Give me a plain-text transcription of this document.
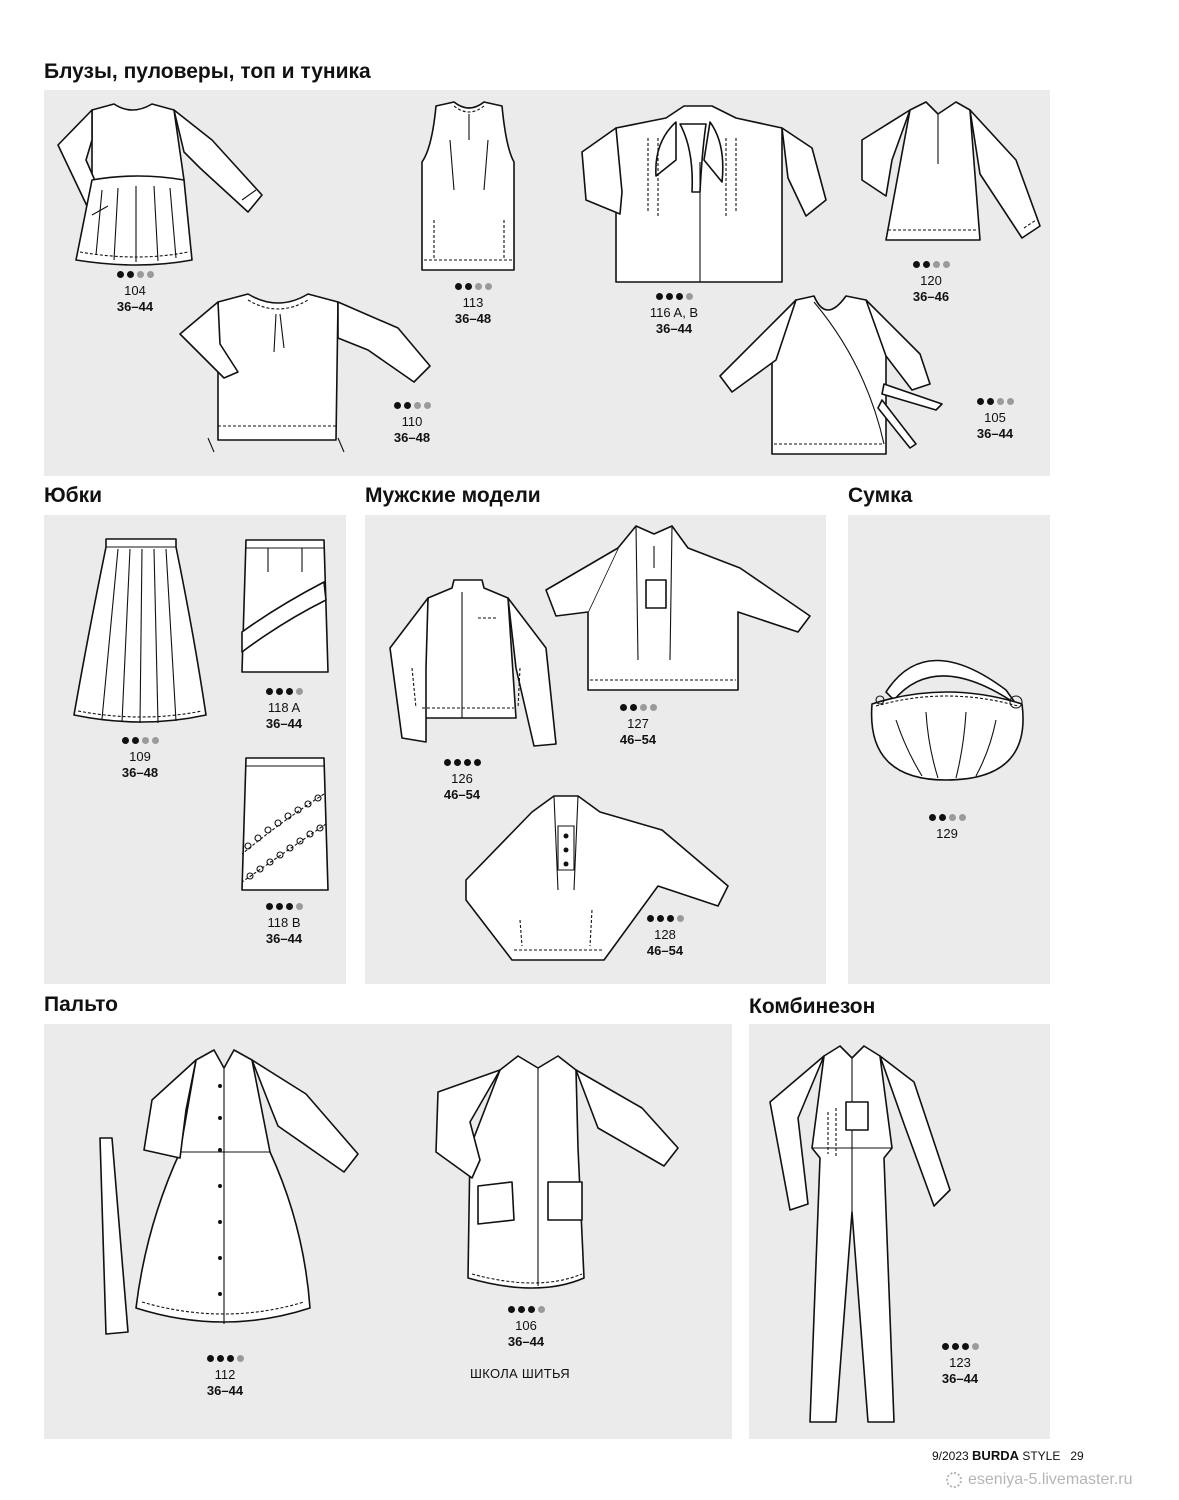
Блузы, пуловеры, топ и туника
Юбки	Мужские модели	Сумка
Пальто	Комбинезон
104
36–44
110
36–48
113
36–48	116 A, B
36–44
120
36–46
105
36–44
109
36–48
118 A
36–44
118 B
36–44
126
46–54
127
46–54
128
46–54
129
112
36–44
106
36–44
123
36–44
ШКОЛА ШИТЬЯ
9/2023 BURDA STYLE 29
eseniya-5.livemaster.ru
